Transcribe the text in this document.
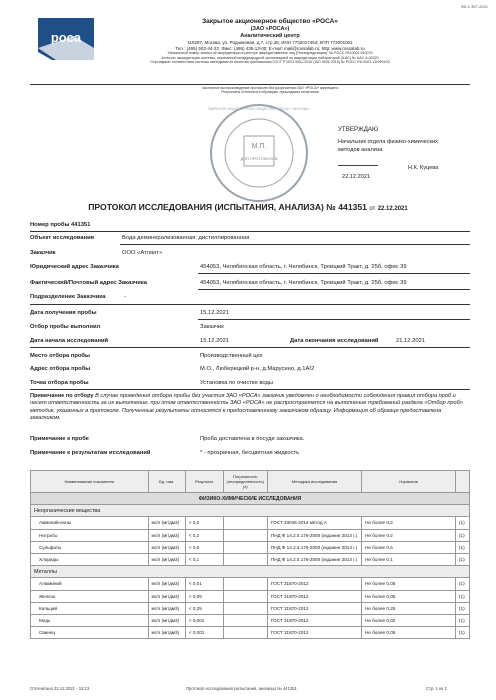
ФБ.1.357-2021
роса
Закрытое акционерное общество «РОСА»
(ЗАО «РОСА»)
Аналитический центр
119297, Москва, ул. Родниковая, д.7, стр.35; ИНН 7732017453; КПП 772001001
Тел.: (495) 502-44-22; Факс: (495) 435-13-00; E-mail: mail@rossalab.ru; http: www.rossalab.ru
Уникальный номер записи об аккредитации в реестре аккредитованных лиц (Росаккредитация): № РОСС RU.0001.510078
Аттестат аккредитации системы, признанной международной организацией по аккредитации лабораторий (ILAC) № AAC.A.00320
Сертификат соответствия системы менеджмента качества требованиям ГОСТ Р ИСО 9001-2015 (ISO 9001:2015) № РОСС RU.0001.13ИФ0100
Частичное воспроизведение протокола без разрешения ЗАО «РОСА» запрещено
Результаты относятся к образцам, прошедшим испытания
М.П.
ДЛЯ ПРОТОКОЛОВ
ЗАКРЫТОЕ АКЦИОНЕРНОЕ ОБЩЕСТВО «РОСА» • МОСКВА •
УТВЕРЖДАЮ
Начальник отдела физико-химических
методов анализа
Н.К. Куцева
22.12.2021
ПРОТОКОЛ ИССЛЕДОВАНИЯ (ИСПЫТАНИЯ, АНАЛИЗА) № 441351 от 22.12.2021
Номер пробы 441351
Объект исследования	Вода деминерализованная: дистиллированная
Заказчик	ООО «Атлант»
Юридический адрес Заказчика	454053, Челябинская область, г. Челябинск, Троицкий Тракт, д. 25б, офис 39
Фактический/Почтовый адрес Заказчика	454053, Челябинская область, г. Челябинск, Троицкий Тракт, д. 25б, офис 39
Подразделение Заказчика	-
Дата получения пробы	15.12.2021
Отбор пробы выполнил	Заказчик
Дата начала исследований	15.12.2021	Дата окончания исследований	21.12.2021
Место отбора пробы	Производственный цех
Адрес отбора пробы	М.О., Люберецкий р-н, д.Марусино, д.1А/2
Точка отбора пробы	Установка по очистке воды
Примечание по отбору В случае проведения отбора пробы без участия ЗАО «РОСА» заказчик уведомлен о необходимости соблюдения правил отбора проб и несет ответственность за их выполнение, при этом ответственность ЗАО «РОСА» не распространяется на выполнение требований раздела «Отбор проб» методик, указанных в протоколе. Полученные результаты относятся к предоставленному заказчиком образцу. Информация об образце предоставлена заказчиком.
Примечание к пробе	Проба доставлена в посуде заказчика.
Примечание к результатам исследований	* - прозрачная, бесцветная жидкость
Наименование показателя	Ед. изм.	Результат	Погрешность (неопределенность) (±)	Методика исследования	Норматив	
ФИЗИКО-ХИМИЧЕСКИЕ ИССЛЕДОВАНИЯ						
Неорганические вещества						
Аммоний-ионы	мг/л (мг/дм3)	< 0,2		ГОСТ 33045-2014 метод А	Не более 0,2	(1)
Нитраты	мг/л (мг/дм3)	< 0,2		ПНД Ф 14.2:4.176-2000 (издание 2014 г.)	Не более 0,2	(1)
Сульфаты	мг/л (мг/дм3)	< 0,5		ПНД Ф 14.2:4.176-2000 (издание 2014 г.)	Не более 0,5	(1)
Хлориды	мг/л (мг/дм3)	< 0,1		ПНД Ф 14.2:4.176-2000 (издание 2014 г.)	Не более 0,1	(1)
Металлы						
Алюминий	мг/л (мг/дм3)	< 0,01		ГОСТ 31870-2012	Не более 0,05	(1)
Железо	мг/л (мг/дм3)	< 0,05		ГОСТ 31870-2012	Не более 0,05	(1)
Кальций	мг/л (мг/дм3)	< 0,25		ГОСТ 31870-2012	Не более 0,25	(1)
Медь	мг/л (мг/дм3)	< 0,001		ГОСТ 31870-2012	Не более 0,02	(1)
Свинец	мг/л (мг/дм3)	< 0,001		ГОСТ 31870-2012	Не более 0,05	(1)
Отпечатано 22.12.2021 - 15:13	Протокол исследования (испытания, анализа) № 441351	Стр. 1 из 2
